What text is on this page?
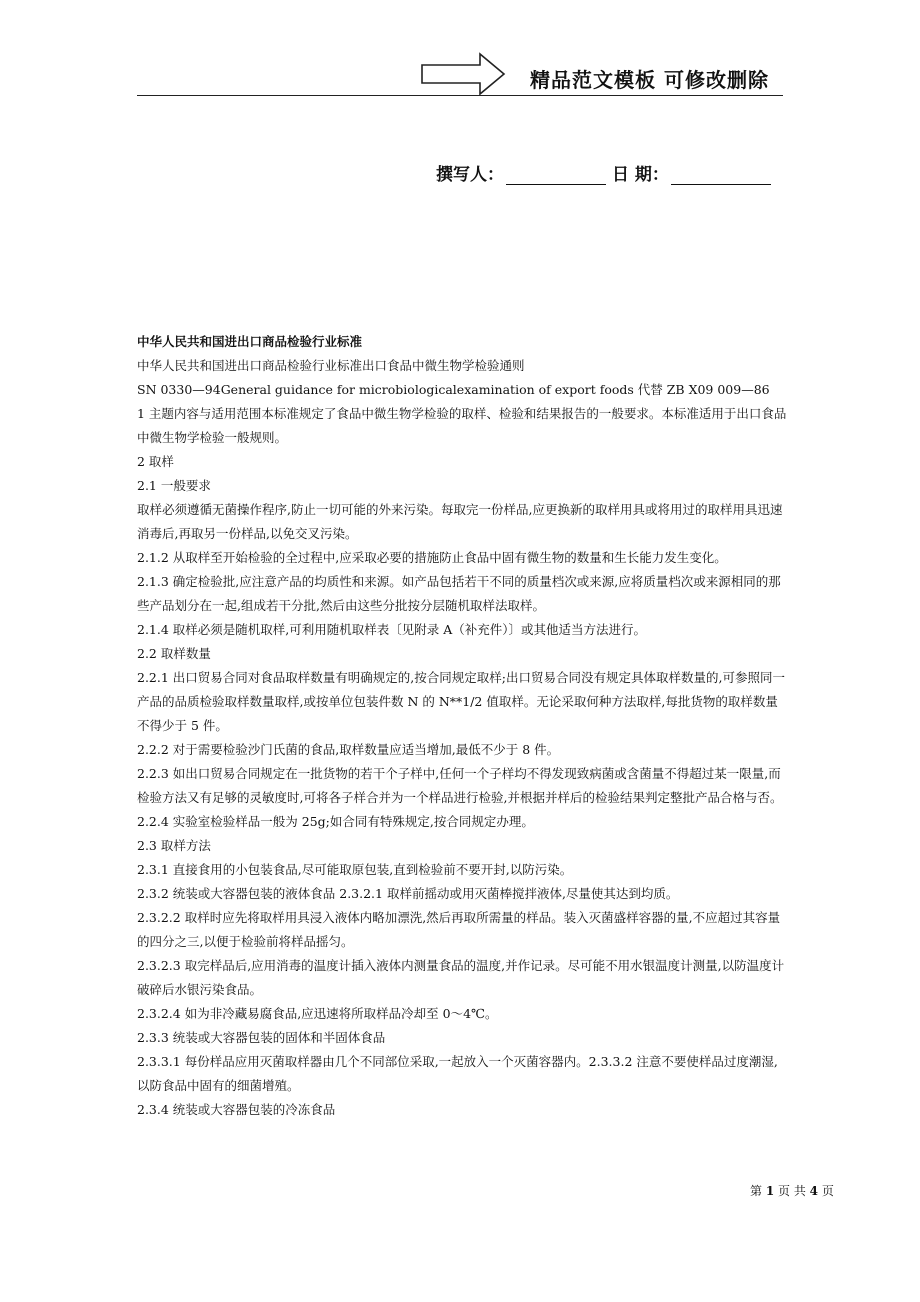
精品范文模板 可修改删除
撰写人：	日 期：

中华人民共和国进出口商品检验行业标准

中华人民共和国进出口商品检验行业标准出口食品中微生物学检验通则

SN 0330—94General guidance for microbiologicalexamination of export foods 代替 ZB X09 009—86

1 主题内容与适用范围本标准规定了食品中微生物学检验的取样、检验和结果报告的一般要求。本标准适用于出口食品中微生物学检验一般规则。

2 取样

2.1 一般要求

取样必须遵循无菌操作程序,防止一切可能的外来污染。每取完一份样品,应更换新的取样用具或将用过的取样用具迅速消毒后,再取另一份样品,以免交叉污染。

2.1.2 从取样至开始检验的全过程中,应采取必要的措施防止食品中固有微生物的数量和生长能力发生变化。

2.1.3 确定检验批,应注意产品的均质性和来源。如产品包括若干不同的质量档次或来源,应将质量档次或来源相同的那些产品划分在一起,组成若干分批,然后由这些分批按分层随机取样法取样。

2.1.4 取样必须是随机取样,可利用随机取样表〔见附录 A（补充件）〕或其他适当方法进行。

2.2 取样数量

2.2.1 出口贸易合同对食品取样数量有明确规定的,按合同规定取样;出口贸易合同没有规定具体取样数量的,可参照同一产品的品质检验取样数量取样,或按单位包装件数 N 的 N**1/2 值取样。无论采取何种方法取样,每批货物的取样数量不得少于 5 件。

2.2.2 对于需要检验沙门氏菌的食品,取样数量应适当增加,最低不少于 8 件。

2.2.3 如出口贸易合同规定在一批货物的若干个子样中,任何一个子样均不得发现致病菌或含菌量不得超过某一限量,而检验方法又有足够的灵敏度时,可将各子样合并为一个样品进行检验,并根据并样后的检验结果判定整批产品合格与否。

2.2.4 实验室检验样品一般为 25g;如合同有特殊规定,按合同规定办理。

2.3 取样方法

2.3.1 直接食用的小包装食品,尽可能取原包装,直到检验前不要开封,以防污染。

2.3.2 统装或大容器包装的液体食品 2.3.2.1 取样前摇动或用灭菌棒搅拌液体,尽量使其达到均质。

2.3.2.2 取样时应先将取样用具浸入液体内略加漂洗,然后再取所需量的样品。装入灭菌盛样容器的量,不应超过其容量的四分之三,以便于检验前将样品摇匀。

2.3.2.3 取完样品后,应用消毒的温度计插入液体内测量食品的温度,并作记录。尽可能不用水银温度计测量,以防温度计破碎后水银污染食品。

2.3.2.4 如为非冷藏易腐食品,应迅速将所取样品冷却至 0～4℃。

2.3.3 统装或大容器包装的固体和半固体食品

2.3.3.1 每份样品应用灭菌取样器由几个不同部位采取,一起放入一个灭菌容器内。2.3.3.2 注意不要使样品过度潮湿,以防食品中固有的细菌增殖。

2.3.4 统装或大容器包装的冷冻食品

第 1 页 共 4 页
